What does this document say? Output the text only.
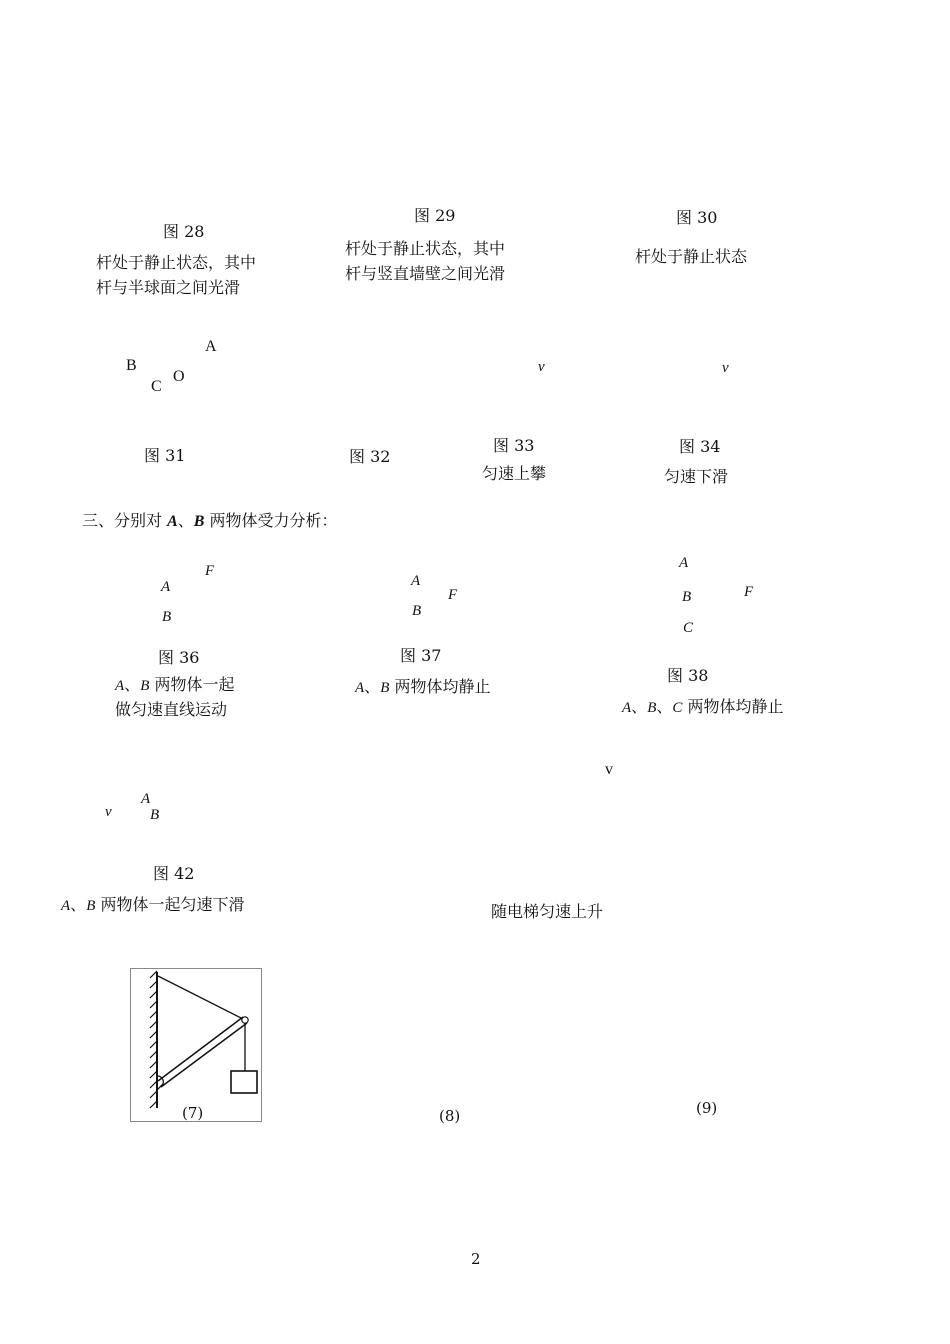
图 28
杆处于静止状态，其中
杆与半球面之间光滑
图 29
杆处于静止状态，其中
杆与竖直墙壁之间光滑
图 30
杆处于静止状态
A
B
O
C
v	v
图 31	图 32
图 33
匀速上攀
图 34
匀速下滑
三、分别对 A、B 两物体受力分析：
F
A
B
图 36
A、B 两物体一起
做匀速直线运动
A
F
B
图 37
A、B 两物体均静止
A
F
B
C
图 38
A、B、C 两物体均静止
v
A
v	B
图 42
A、B 两物体一起匀速下滑	随电梯匀速上升
(7)	(8)	(9)
2
